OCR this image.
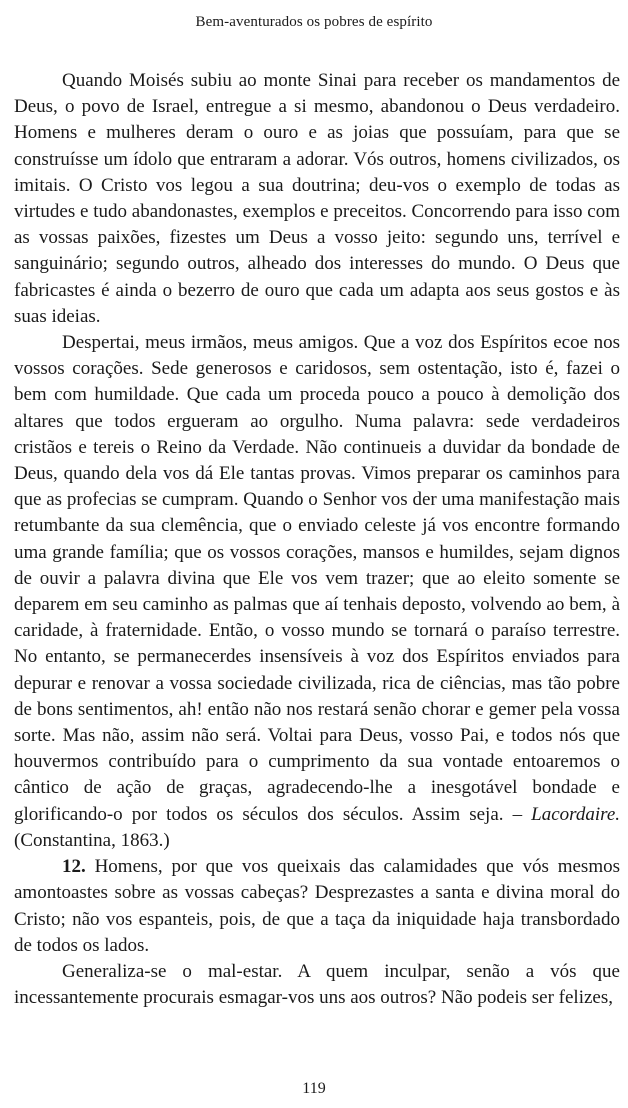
Bem-aventurados os pobres de espírito

Quando Moisés subiu ao monte Sinai para receber os mandamentos de Deus, o povo de Israel, entregue a si mesmo, abandonou o Deus verdadeiro. Homens e mulheres deram o ouro e as joias que possuíam, para que se construísse um ídolo que entraram a adorar. Vós outros, homens civilizados, os imitais. O Cristo vos legou a sua doutrina; deu-vos o exemplo de todas as virtudes e tudo abandonastes, exemplos e preceitos. Concorrendo para isso com as vossas paixões, fizestes um Deus a vosso jeito: segundo uns, terrível e sanguinário; segundo outros, alheado dos interesses do mundo. O Deus que fabricastes é ainda o bezerro de ouro que cada um adapta aos seus gostos e às suas ideias.

Despertai, meus irmãos, meus amigos. Que a voz dos Espíritos ecoe nos vossos corações. Sede generosos e caridosos, sem ostentação, isto é, fazei o bem com humildade. Que cada um proceda pouco a pouco à demolição dos altares que todos ergueram ao orgulho. Numa palavra: sede verdadeiros cristãos e tereis o Reino da Verdade. Não continueis a duvidar da bondade de Deus, quando dela vos dá Ele tantas provas. Vimos preparar os caminhos para que as profecias se cumpram. Quando o Senhor vos der uma manifestação mais retumbante da sua clemência, que o enviado celeste já vos encontre formando uma grande família; que os vossos corações, mansos e humildes, sejam dignos de ouvir a palavra divina que Ele vos vem trazer; que ao eleito somente se deparem em seu caminho as palmas que aí tenhais deposto, volvendo ao bem, à caridade, à fraternidade. Então, o vosso mundo se tornará o paraíso terrestre. No entanto, se permanecerdes insensíveis à voz dos Espíritos enviados para depurar e renovar a vossa sociedade civilizada, rica de ciências, mas tão pobre de bons sentimentos, ah! então não nos restará senão chorar e gemer pela vossa sorte. Mas não, assim não será. Voltai para Deus, vosso Pai, e todos nós que houvermos contribuído para o cumprimento da sua vontade entoaremos o cântico de ação de graças, agradecendo-lhe a inesgotável bondade e glorificando-o por todos os séculos dos séculos. Assim seja. – Lacordaire. (Constantina, 1863.)

12. Homens, por que vos queixais das calamidades que vós mesmos amontoastes sobre as vossas cabeças? Desprezastes a santa e divina moral do Cristo; não vos espanteis, pois, de que a taça da iniquidade haja transbordado de todos os lados.

Generaliza-se o mal-estar. A quem inculpar, senão a vós que incessantemente procurais esmagar-vos uns aos outros? Não podeis ser felizes,

119
